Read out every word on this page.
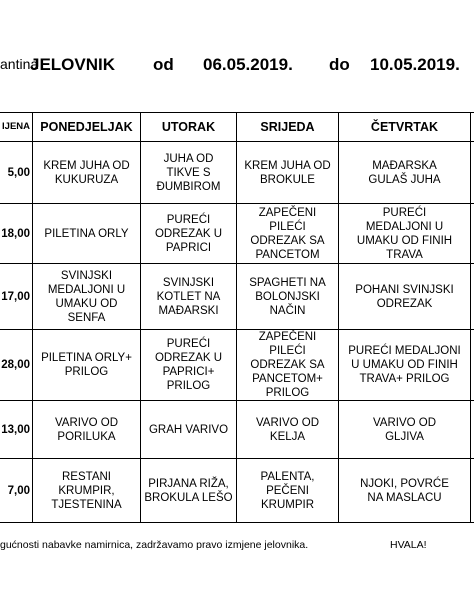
antina
JELOVNIK od 06.05.2019. do 10.05.2019.
IJENA	PONEDJELJAK	UTORAK	SRIJEDA	ČETVRTAK	
5,00	KREM JUHA OD KUKURUZA	JUHA OD TIKVE S ĐUMBIROM	KREM JUHA OD BROKULE	MAĐARSKA GULAŠ JUHA	

18,00	PILETINA ORLY	PUREĆI ODREZAK U PAPRICI	ZAPEČENI PILEĆI ODREZAK SA PANCETOM	PUREĆI MEDALJONI U UMAKU OD FINIH TRAVA	

17,00	SVINJSKI MEDALJONI U UMAKU OD SENFA	SVINJSKI KOTLET NA MAĐARSKI	SPAGHETI NA BOLONJSKI NAČIN	POHANI SVINJSKI ODREZAK	

28,00	PILETINA ORLY+ PRILOG	PUREĆI ODREZAK U PAPRICI+ PRILOG	ZAPEČENI PILEĆI ODREZAK SA PANCETOM+ PRILOG	PUREĆI MEDALJONI U UMAKU OD FINIH TRAVA+ PRILOG	

13,00	VARIVO OD PORILUKA	GRAH VARIVO	VARIVO OD KELJA	VARIVO OD GLJIVA	

7,00	RESTANI KRUMPIR, TJESTENINA	PIRJANA RIŽA, BROKULA LEŠO	PALENTA, PEČENI KRUMPIR	NJOKI, POVRĆE NA MASLACU	

gućnosti nabavke namirnica, zadržavamo pravo izmjene jelovnika.	HVALA!
